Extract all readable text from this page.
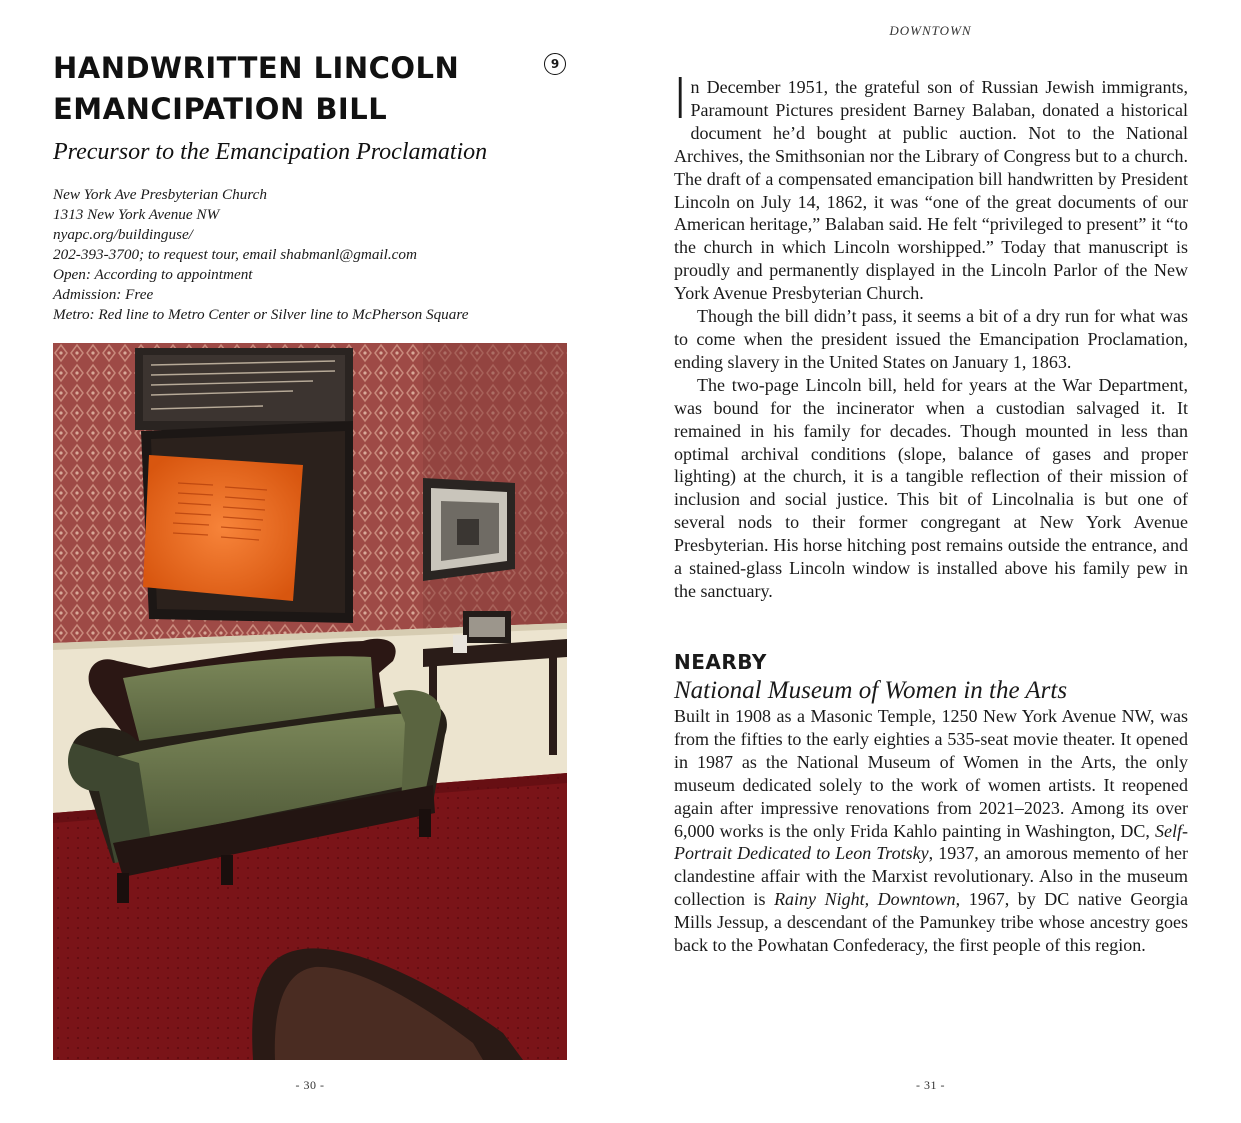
HANDWRITTEN LINCOLN
EMANCIPATION BILL
9
Precursor to the Emancipation Proclamation
New York Ave Presbyterian Church
1313 New York Avenue NW
nyapc.org/buildinguse/
202-393-3700; to request tour, email shabmanl@gmail.com
Open: According to appointment
Admission: Free
Metro: Red line to Metro Center or Silver line to McPherson Square
- 30 -
DOWNTOWN

In December 1951, the grateful son of Russian Jewish immigrants, Paramount Pictures president Barney Balaban, donated a historical document he’d bought at public auction. Not to the National Archives, the Smithsonian nor the Library of Congress but to a church. The draft of a compensated emancipation bill handwritten by President Lincoln on July 14, 1862, it was “one of the great documents of our American heritage,” Balaban said. He felt “privileged to present” it “to the church in which Lincoln worshipped.” Today that manuscript is proudly and permanently displayed in the Lincoln Parlor of the New York Avenue Presbyterian Church.

Though the bill didn’t pass, it seems a bit of a dry run for what was to come when the president issued the Emancipation Proclamation, ending slavery in the United States on January 1, 1863.

The two-page Lincoln bill, held for years at the War Department, was bound for the incinerator when a custodian salvaged it. It remained in his family for decades. Though mounted in less than optimal archival conditions (slope, balance of gases and proper lighting) at the church, it is a tangible reflection of their mission of inclusion and social justice. This bit of Lincolnalia is but one of several nods to their former congregant at New York Avenue Presbyterian. His horse hitching post remains outside the entrance, and a stained-glass Lincoln window is installed above his family pew in the sanctuary.

NEARBY
National Museum of Women in the Arts

Built in 1908 as a Masonic Temple, 1250 New York Avenue NW, was from the fifties to the early eighties a 535-seat movie theater. It opened in 1987 as the National Museum of Women in the Arts, the only museum dedicated solely to the work of women artists. It reopened again after impressive renovations from 2021–2023. Among its over 6,000 works is the only Frida Kahlo painting in Washington, DC, Self-Portrait Dedicated to Leon Trotsky, 1937, an amorous memento of her clandestine affair with the Marxist revolutionary. Also in the museum collection is Rainy Night, Downtown, 1967, by DC native Georgia Mills Jessup, a descendant of the Pamunkey tribe whose ancestry goes back to the Powhatan Confederacy, the first people of this region.

- 31 -
